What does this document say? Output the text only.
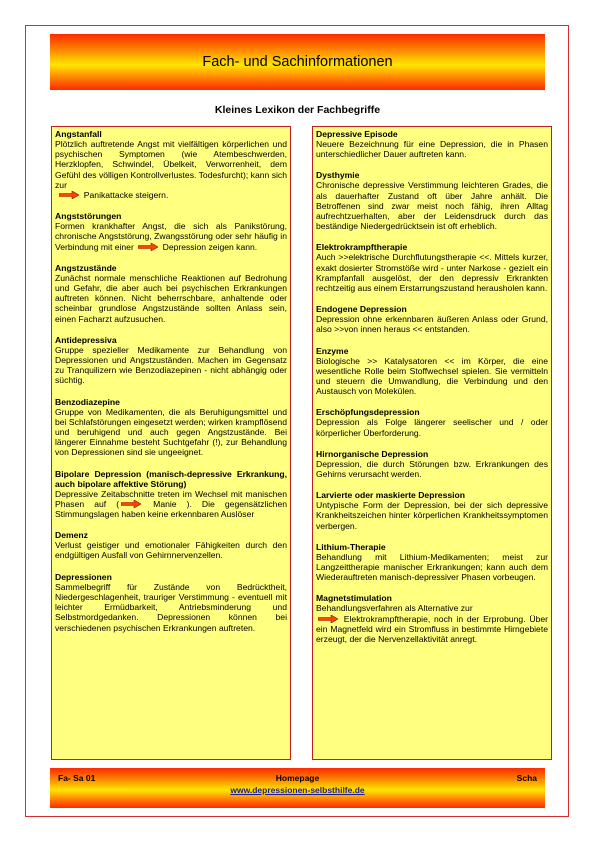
Fach- und Sachinformationen
Kleines Lexikon der Fachbegriffe
Angstanfall
Plötzlich auftretende Angst mit vielfältigen körperlichen und psychischen Symptomen (wie Atembeschwerden, Herzklopfen, Schwindel, Übelkeit, Verworrenheit, dem Gefühl des völligen Kontrollverlustes. Todesfurcht); kann sich zur
Panikattacke steigern.
Angststörungen
Formen krankhafter Angst, die sich als Panikstörung, chronische Angststörung, Zwangsstörung oder sehr häufig in Verbindung mit einer	Depression zeigen kann.
Angstzustände
Zunächst normale menschliche Reaktionen auf Bedrohung und Gefahr, die aber auch bei psychischen Erkrankungen auftreten können. Nicht beherrschbare, anhaltende oder scheinbar grundlose Angstzustände sollten Anlass sein, einen Facharzt aufzusuchen.
Antidepressiva
Gruppe spezieller Medikamente zur Behandlung von Depressionen und Angstzuständen. Machen im Gegensatz zu Tranquilizern wie Benzodiazepinen - nicht abhängig oder süchtig.
Benzodiazepine
Gruppe von Medikamenten, die als Beruhigungsmittel und bei Schlafstörungen eingesetzt werden; wirken krampflösend und beruhigend und auch gegen Angstzustände. Bei längerer Einnahme besteht Suchtgefahr (!), zur Behandlung von Depressionen sind sie ungeeignet.
Bipolare Depression (manisch-depressive Erkrankung, auch bipolare affektive Störung)
Depressive Zeitabschnitte treten im Wechsel mit manischen Phasen auf (	Manie ). Die gegensätzlichen Stimmungslagen haben keine erkennbaren Auslöser
Demenz
Verlust geistiger und emotionaler Fähigkeiten durch den endgültigen Ausfall von Gehirnnervenzellen.
Depressionen
Sammelbegriff für Zustände von Bedrücktheit, Niedergeschlagenheit, trauriger Verstimmung - eventuell mit leichter Ermüdbarkeit, Antriebsminderung und Selbstmordgedanken. Depressionen können bei verschiedenen psychischen Erkrankungen auftreten.
Depressive Episode
Neuere Bezeichnung für eine Depression, die in Phasen unterschiedlicher Dauer auftreten kann.
Dysthymie
Chronische depressive Verstimmung leichteren Grades, die als dauerhafter Zustand oft über Jahre anhält. Die Betroffenen sind zwar meist noch fähig, ihren Alltag aufrechtzuerhalten, aber der Leidensdruck durch das beständige Niedergedrücktsein ist oft erheblich.
Elektrokrampftherapie
Auch >>elektrische Durchflutungstherapie <<. Mittels kurzer, exakt dosierter Stromstöße wird - unter Narkose - gezielt ein Krampfanfall ausgelöst, der den depressiv Erkrankten rechtzeitig aus einem Erstarrungszustand herausholen kann.
Endogene Depression
Depression ohne erkennbaren äußeren Anlass oder Grund, also >>von innen heraus << entstanden.
Enzyme
Biologische >> Katalysatoren << im Körper, die eine wesentliche Rolle beim Stoffwechsel spielen. Sie vermitteln und steuern die Umwandlung, die Verbindung und den Austausch von Molekülen.
Erschöpfungsdepression
Depression als Folge längerer seelischer und / oder körperlicher Überforderung.
Hirnorganische Depression
Depression, die durch Störungen bzw. Erkrankungen des Gehirns verursacht werden.
Larvierte oder maskierte Depression
Untypische Form der Depression, bei der sich depressive Krankheitszeichen hinter körperlichen Krankheitssymptomen verbergen.
Lithium-Therapie
Behandlung mit Lithium-Medikamenten; meist zur Langzeittherapie manischer Erkrankungen; kann auch dem Wiederauftreten manisch-depressiver Phasen vorbeugen.
Magnetstimulation
Behandlungsverfahren als Alternative zur
Elektrokrampftherapie, noch in der Erprobung. Über ein Magnetfeld wird ein Stromfluss in bestimmte Hirngebiete erzeugt, der die Nervenzellaktivität anregt.
Fa- Sa 01	Homepage	Scha
www.depressionen-selbsthilfe.de
